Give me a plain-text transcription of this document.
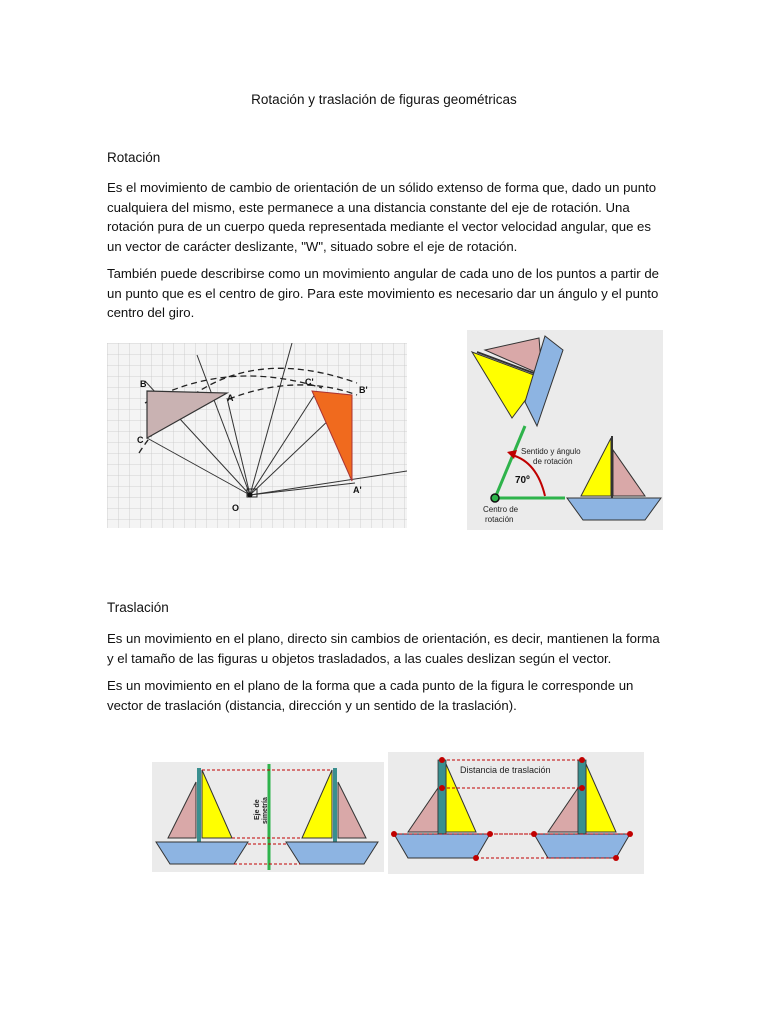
Rotación y traslación de figuras geométricas
Rotación
Es el movimiento de cambio de orientación de un sólido extenso de forma que, dado un punto cualquiera del mismo, este permanece a una distancia constante del eje de rotación. Una rotación pura de un cuerpo queda representada mediante el vector velocidad angular, que es un vector de carácter deslizante, "W", situado sobre el eje de rotación.
También puede describirse como un movimiento angular de cada uno de los puntos a partir de un punto que es el centro de giro. Para este movimiento es necesario dar un ángulo y el punto centro del giro.
B
A
C
C'
B'
A'
O
Sentido y ángulo
de rotación
Centro de
rotación
70º
Traslación
Es un movimiento en el plano, directo sin cambios de orientación, es decir, mantienen la forma y el tamaño de las figuras u objetos trasladados, a las cuales deslizan según el vector.
Es un movimiento en el plano de la forma que a cada punto de la figura le corresponde un vector de traslación (distancia, dirección y un sentido de la traslación).
Eje de simetría
Distancia de traslación
